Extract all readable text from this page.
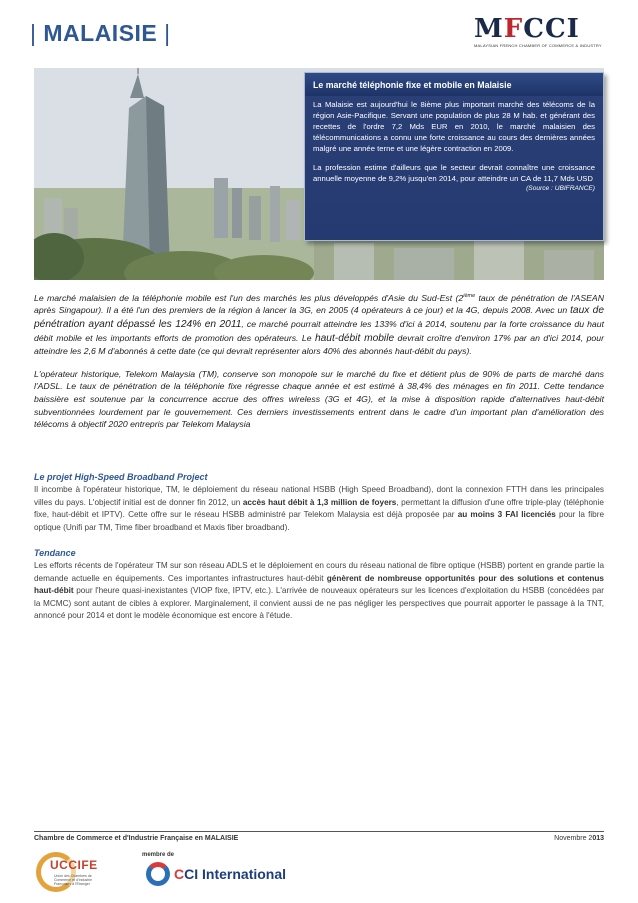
| MALAISIE |	MFCCI
MALAYSIAN FRENCH CHAMBER OF COMMERCE & INDUSTRY
Le marché téléphonie fixe et mobile en Malaisie

La Malaisie est aujourd'hui le 8ième plus important marché des télécoms de la région Asie-Pacifique. Servant une population de plus 28 M hab. et générant des recettes de l'ordre 7,2 Mds EUR en 2010, le marché malaisien des télécommunications a connu une forte croissance au cours des dernières années malgré une année terne et une légère contraction en 2009.

La profession estime d'ailleurs que le secteur devrait connaître une croissance annuelle moyenne de 9,2% jusqu'en 2014, pour atteindre un CA de 11,7 Mds USD

(Source : UBIFRANCE)

Le marché malaisien de la téléphonie mobile est l'un des marchés les plus développés d'Asie du Sud-Est (2ième taux de pénétration de l'ASEAN après Singapour). Il a été l'un des premiers de la région à lancer la 3G, en 2005 (4 opérateurs à ce jour) et la 4G, depuis 2008. Avec un taux de pénétration ayant dépassé les 124% en 2011, ce marché pourrait atteindre les 133% d'ici à 2014, soutenu par la forte croissance du haut débit mobile et les importants efforts de promotion des opérateurs. Le haut-débit mobile devrait croître d'environ 17% par an d'ici 2014, pour atteindre les 2,6 M d'abonnés à cette date (ce qui devrait représenter alors 40% des abonnés haut-débit du pays).

L'opérateur historique, Telekom Malaysia (TM), conserve son monopole sur le marché du fixe et détient plus de 90% de parts de marché dans l'ADSL. Le taux de pénétration de la téléphonie fixe régresse chaque année et est estimé à 38,4% des ménages en fin 2011. Cette tendance baissière est soutenue par la concurrence accrue des offres wireless (3G et 4G), et la mise à disposition rapide d'alternatives haut-débit subventionnées lourdement par le gouvernement. Ces derniers investissements entrent dans le cadre d'un important plan d'amélioration des télécoms à objectif 2020 entrepris par Telekom Malaysia

Le projet High-Speed Broadband Project

Il incombe à l'opérateur historique, TM, le déploiement du réseau national HSBB (High Speed Broadband), dont la connexion FTTH dans les principales villes du pays. L'objectif initial est de donner fin 2012, un accès haut débit à 1,3 million de foyers, permettant la diffusion d'une offre triple-play (téléphonie fixe, haut-débit et IPTV). Cette offre sur le réseau HSBB administré par Telekom Malaysia est déjà proposée par au moins 3 FAI licenciés pour la fibre optique (Unifi par TM, Time fiber broadband et Maxis fiber broadband).

Tendance

Les efforts récents de l'opérateur TM sur son réseau ADLS et le déploiement en cours du réseau national de fibre optique (HSBB) portent en grande partie la demande actuelle en équipements. Ces importantes infrastructures haut-débit génèrent de nombreuse opportunités pour des solutions et contenus haut-débit pour l'heure quasi-inexistantes (VIOP fixe, IPTV, etc.). L'arrivée de nouveaux opérateurs sur les licences d'exploitation du HSBB (concédées par la MCMC) sont autant de cibles à explorer. Marginalement, il convient aussi de ne pas négliger les perspectives que pourrait apporter le passage à la TNT, annoncé pour 2014 et dont le modèle économique est encore à l'étude.

Chambre de Commerce et d'Industrie Française en MALAISIE	Novembre 2013
UCCIFE
Union des Chambres de Commerce et d'Industrie Françaises à l'Étranger
membre de
CCI International
